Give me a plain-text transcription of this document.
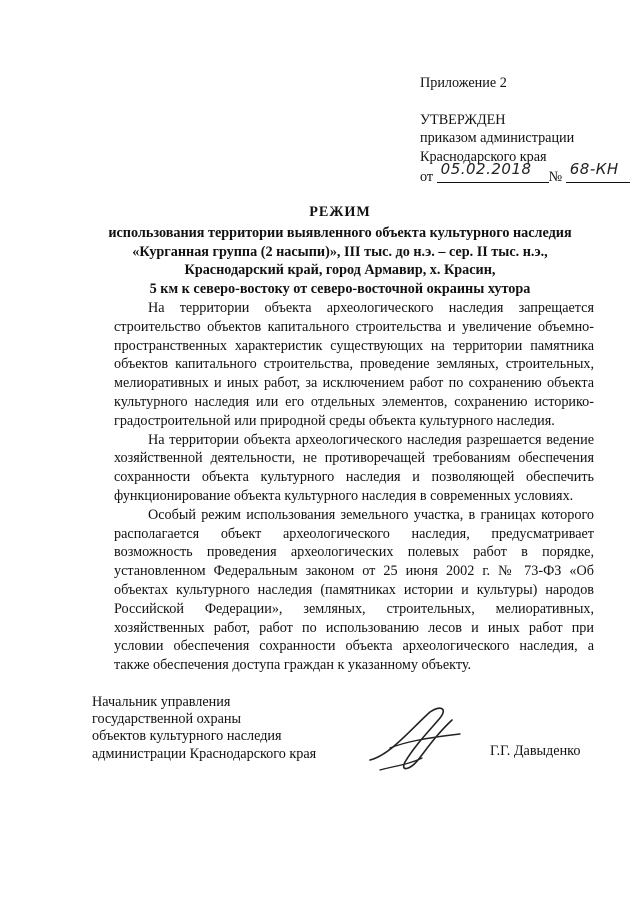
Приложение 2
УТВЕРЖДЕН
приказом администрации
Краснодарского края
от 05.02.2018 № 68-КН
РЕЖИМ
использования территории выявленного объекта культурного наследия
«Курганная группа (2 насыпи)», III тыс. до н.э. – сер. II тыс. н.э.,
Краснодарский край, город Армавир, х. Красин,
5 км к северо-востоку от северо-восточной окраины хутора

На территории объекта археологического наследия запрещается строительство объектов капитального строительства и увеличение объемно-пространственных характеристик существующих на территории памятника объектов капитального строительства, проведение земляных, строительных, мелиоративных и иных работ, за исключением работ по сохранению объекта культурного наследия или его отдельных элементов, сохранению историко-градостроительной или природной среды объекта культурного наследия.

На территории объекта археологического наследия разрешается ведение хозяйственной деятельности, не противоречащей требованиям обеспечения сохранности объекта культурного наследия и позволяющей обеспечить функционирование объекта культурного наследия в современных условиях.

Особый режим использования земельного участка, в границах которого располагается объект археологического наследия, предусматривает возможность проведения археологических полевых работ в порядке, установленном Федеральным законом от 25 июня 2002 г. № 73-ФЗ «Об объектах культурного наследия (памятниках истории и культуры) народов Российской Федерации», земляных, строительных, мелиоративных, хозяйственных работ, работ по использованию лесов и иных работ при условии обеспечения сохранности объекта археологического наследия, а также обеспечения доступа граждан к указанному объекту.

Начальник управления
государственной охраны
объектов культурного наследия
администрации Краснодарского края	Г.Г. Давыденко
